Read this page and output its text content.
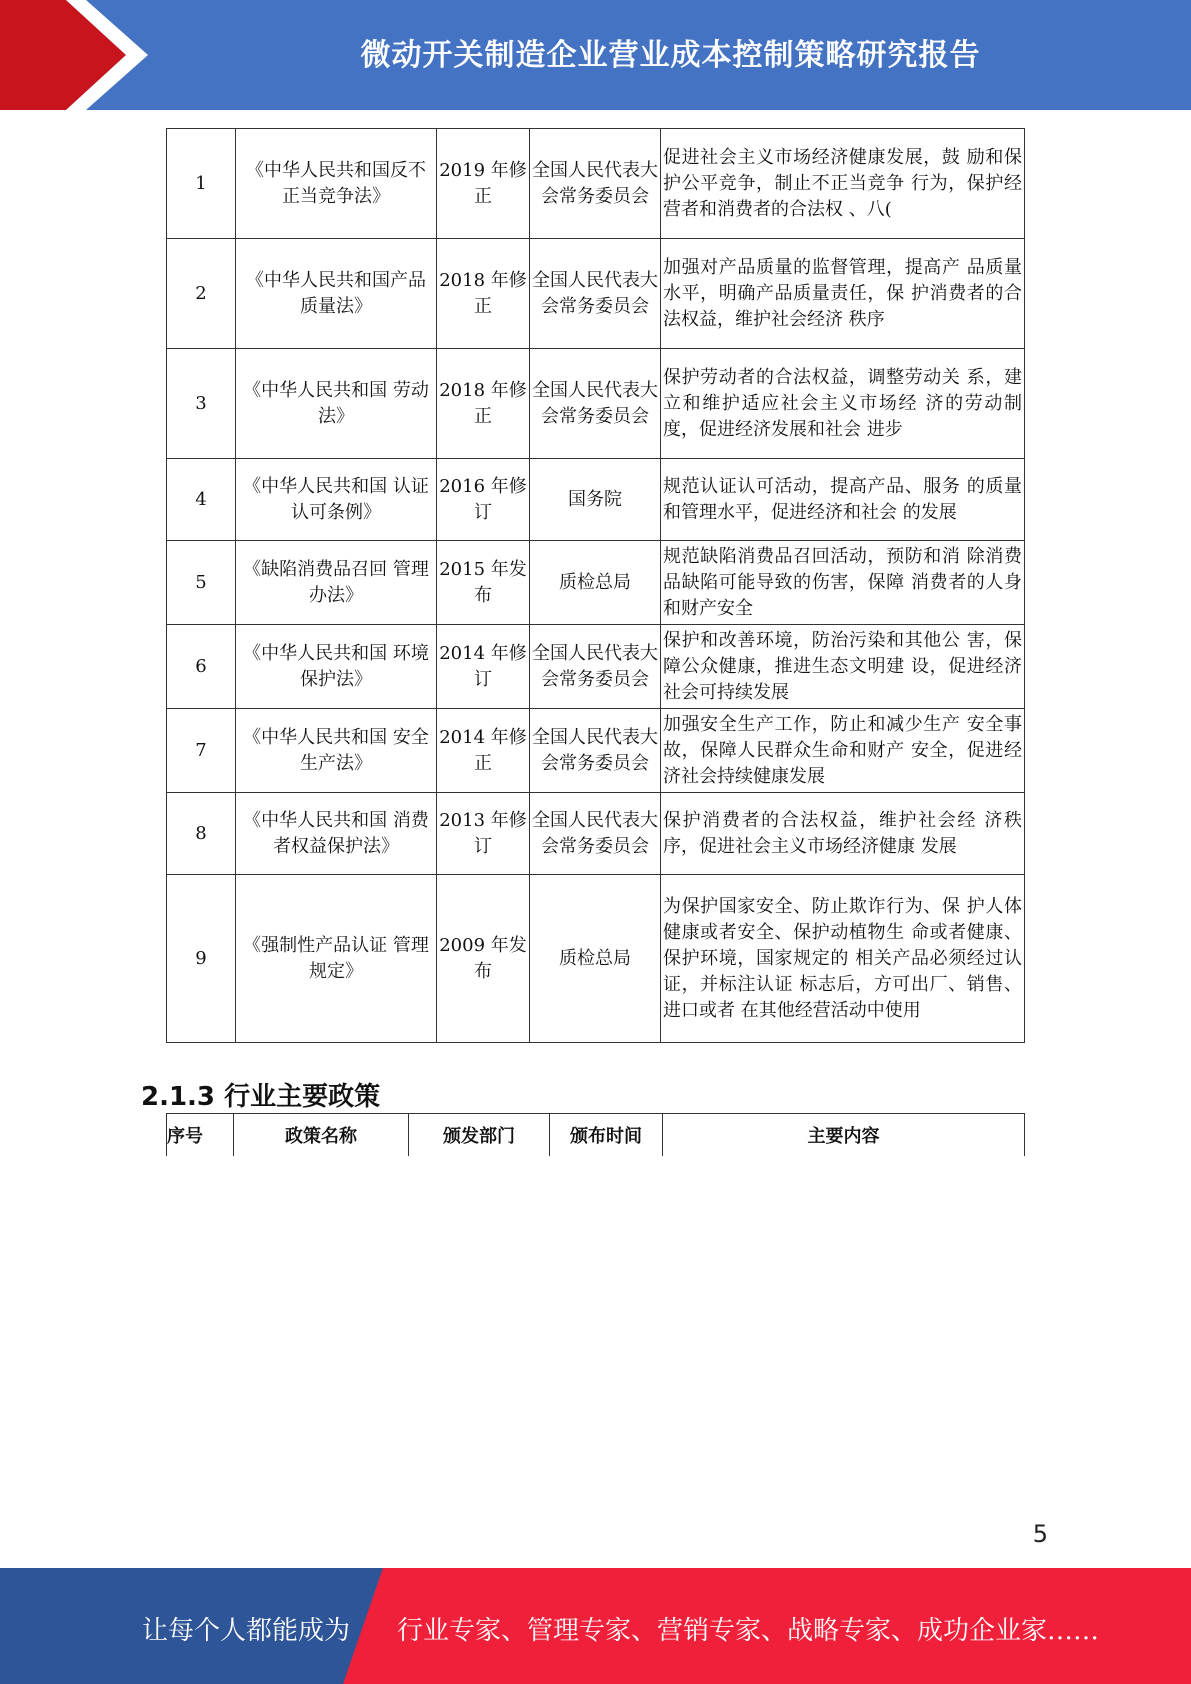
微动开关制造企业营业成本控制策略研究报告
1	《中华人民共和国反不正当竞争法》	2019 年修正	全国人民代表大会常务委员会	促进社会主义市场经济健康发展，鼓 励和保护公平竞争，制止不正当竞争 行为，保护经营者和消费者的合法权 、八(
2	《中华人民共和国产品质量法》	2018 年修正	全国人民代表大会常务委员会	加强对产品质量的监督管理，提高产 品质量水平，明确产品质量责任，保 护消费者的合法权益，维护社会经济 秩序
3	《中华人民共和国 劳动法》	2018 年修正	全国人民代表大会常务委员会	保护劳动者的合法权益，调整劳动关 系，建立和维护适应社会主义市场经 济的劳动制度，促进经济发展和社会 进步
4	《中华人民共和国 认证认可条例》	2016 年修订	国务院	规范认证认可活动，提高产品、服务 的质量和管理水平，促进经济和社会 的发展
5	《缺陷消费品召回 管理办法》	2015 年发布	质检总局	规范缺陷消费品召回活动，预防和消 除消费品缺陷可能导致的伤害，保障 消费者的人身和财产安全
6	《中华人民共和国 环境保护法》	2014 年修订	全国人民代表大会常务委员会	保护和改善环境，防治污染和其他公 害，保障公众健康，推进生态文明建 设，促进经济社会可持续发展
7	《中华人民共和国 安全生产法》	2014 年修正	全国人民代表大会常务委员会	加强安全生产工作，防止和减少生产 安全事故，保障人民群众生命和财产 安全，促进经济社会持续健康发展
8	《中华人民共和国 消费者权益保护法》	2013 年修订	全国人民代表大会常务委员会	保护消费者的合法权益，维护社会经 济秩序，促进社会主义市场经济健康 发展
9	《强制性产品认证 管理规定》	2009 年发布	质检总局	为保护国家安全、防止欺诈行为、保 护人体健康或者安全、保护动植物生 命或者健康、保护环境，国家规定的 相关产品必须经过认证，并标注认证 标志后，方可出厂、销售、进口或者 在其他经营活动中使用
2.1.3 行业主要政策
序号	政策名称	颁发部门	颁布时间	主要内容
5
让每个人都能成为 行业专家、管理专家、营销专家、战略专家、成功企业家……
